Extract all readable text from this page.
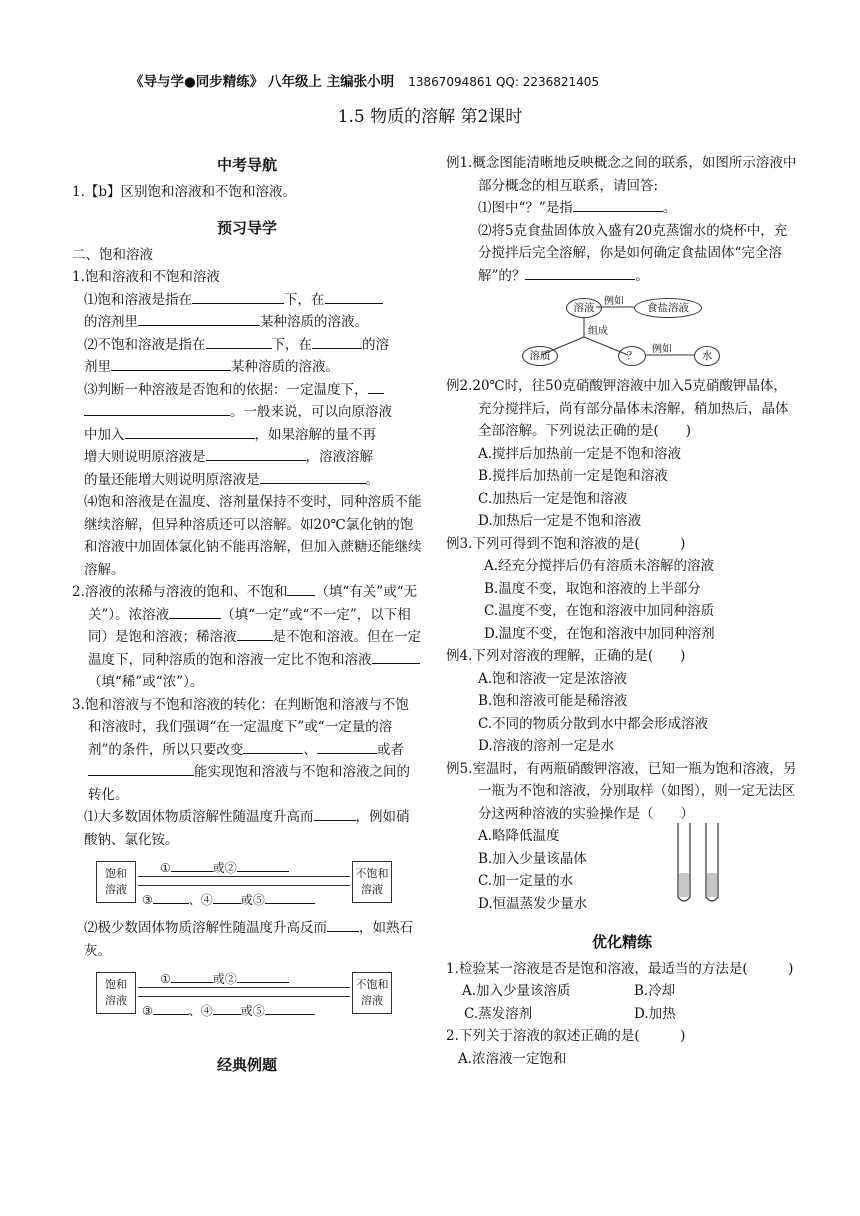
《导与学●同步精练》 八年级上 主编张小明 13867094861 QQ: 2236821405
1.5 物质的溶解 第2课时
中考导航

1.【b】区别饱和溶液和不饱和溶液。

预习导学

二、饱和溶液

1.饱和溶液和不饱和溶液

⑴饱和溶液是指在	下，在
的溶剂里	某种溶质的溶液。

⑵不饱和溶液是指在	下，在	的溶
剂里	某种溶质的溶液。

⑶判断一种溶液是否饱和的依据：一定温度下，
。一般来说，可以向原溶液
中加入	，如果溶解的量不再
增大则说明原溶液是	，溶液溶解
的量还能增大则说明原溶液是	。

⑷饱和溶液是在温度、溶剂量保持不变时，同种溶质不能继续溶解，但异种溶质还可以溶解。如20℃氯化钠的饱和溶液中加固体氯化钠不能再溶解，但加入蔗糖还能继续溶解。

2.溶液的浓稀与溶液的饱和、不饱和 （填“有关”或“无关”）。浓溶液	（填“一定”或“不一定”，以下相同）是饱和溶液；稀溶液	是不饱和溶液。但在一定温度下，同种溶质的饱和溶液一定比不饱和溶液（填“稀”或“浓”）。

3.饱和溶液与不饱和溶液的转化：在判断饱和溶液与不饱和溶液时，我们强调“在一定温度下”或“一定量的溶剂”的条件，所以只要改变	、	或者能实现饱和溶液与不饱和溶液之间的转化。

⑴大多数固体物质溶解性随温度升高而	，例如硝酸钠、氯化铵。

饱和
溶液
不饱和
溶液
①	或②
③	、④ 或⑤

⑵极少数固体物质溶解性随温度升高反而 ，如熟石灰。

饱和
溶液
不饱和
溶液
①	或②
③	、④ 或⑤
经典例题

例1.概念图能清晰地反映概念之间的联系，如图所示溶液中部分概念的相互联系，请回答:

⑴图中“？”是指	。

⑵将5克食盐固体放入盛有20克蒸馏水的烧杯中，充分搅拌后完全溶解，你是如何确定食盐固体“完全溶解”的？	。

溶液
例如
食盐溶液
组成
溶质	？
例如
水

例2.20℃时，往50克硝酸钾溶液中加入5克硝酸钾晶体，充分搅拌后，尚有部分晶体未溶解，稍加热后，晶体全部溶解。下列说法正确的是(　　)

A.搅拌后加热前一定是不饱和溶液

B.搅拌后加热前一定是饱和溶液

C.加热后一定是饱和溶液

D.加热后一定是不饱和溶液

例3.下列可得到不饱和溶液的是(　　　)

A.经充分搅拌后仍有溶质未溶解的溶液

B.温度不变，取饱和溶液的上半部分

C.温度不变，在饱和溶液中加同种溶质

D.温度不变，在饱和溶液中加同种溶剂

例4.下列对溶液的理解，正确的是(　　)

A.饱和溶液一定是浓溶液

B.饱和溶液可能是稀溶液

C.不同的物质分散到水中都会形成溶液

D.溶液的溶剂一定是水

例5.室温时，有两瓶硝酸钾溶液，已知一瓶为饱和溶液，另一瓶为不饱和溶液，分别取样（如图），则一定无法区分这两种溶液的实验操作是（　　）

A.略降低温度

B.加入少量该晶体

C.加一定量的水

D.恒温蒸发少量水

优化精练

1.检验某一溶液是否是饱和溶液，最适当的方法是(　　　)

A.加入少量该溶质	B.冷却
C.蒸发溶剂	D.加热

2.下列关于溶液的叙述正确的是(　　　)

A.浓溶液一定饱和
